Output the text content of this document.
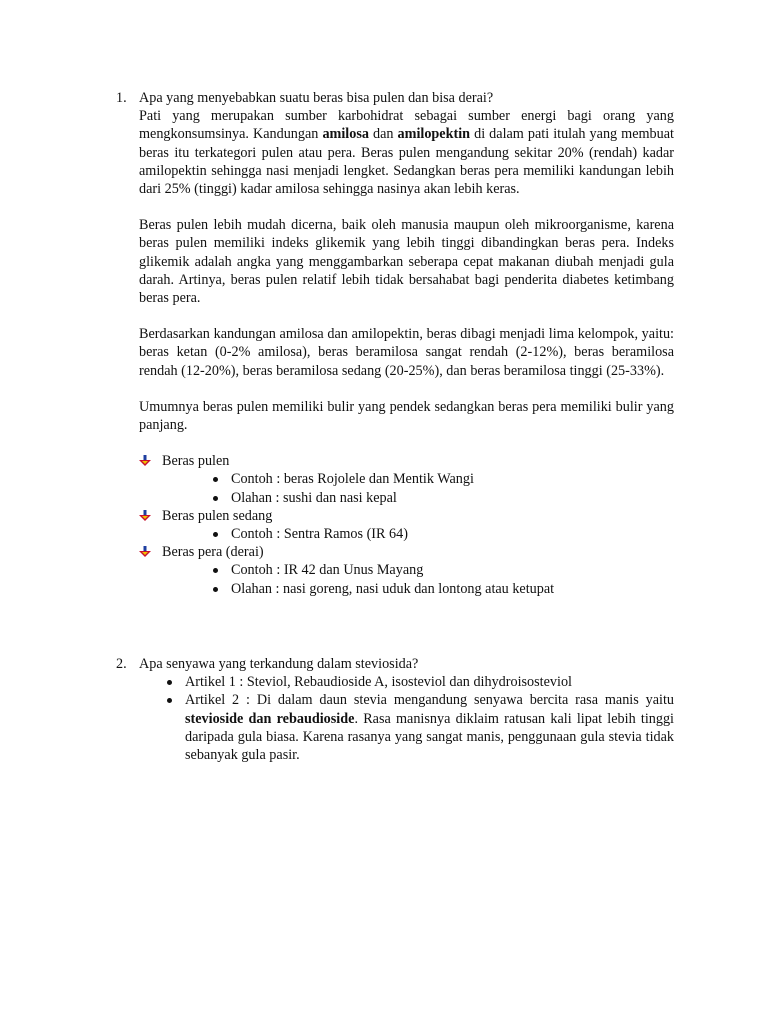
1. Apa yang menyebabkan suatu beras bisa pulen dan bisa derai?

Pati yang merupakan sumber karbohidrat sebagai sumber energi bagi orang yang mengkonsumsinya. Kandungan amilosa dan amilopektin di dalam pati itulah yang membuat beras itu terkategori pulen atau pera. Beras pulen mengandung sekitar 20% (rendah) kadar amilopektin sehingga nasi menjadi lengket. Sedangkan beras pera memiliki kandungan lebih dari 25% (tinggi) kadar amilosa sehingga nasinya akan lebih keras.

Beras pulen lebih mudah dicerna, baik oleh manusia maupun oleh mikroorganisme, karena beras pulen memiliki indeks glikemik yang lebih tinggi dibandingkan beras pera. Indeks glikemik adalah angka yang menggambarkan seberapa cepat makanan diubah menjadi gula darah. Artinya, beras pulen relatif lebih tidak bersahabat bagi penderita diabetes ketimbang beras pera.

Berdasarkan kandungan amilosa dan amilopektin, beras dibagi menjadi lima kelompok, yaitu: beras ketan (0-2% amilosa), beras beramilosa sangat rendah (2-12%), beras beramilosa rendah (12-20%), beras beramilosa sedang (20-25%), dan beras beramilosa tinggi (25-33%).

Umumnya beras pulen memiliki bulir yang pendek sedangkan beras pera memiliki bulir yang panjang.

Beras pulen
Contoh : beras Rojolele dan Mentik Wangi
Olahan : sushi dan nasi kepal
Beras pulen sedang
Contoh : Sentra Ramos (IR 64)
Beras pera (derai)
Contoh : IR 42 dan Unus Mayang
Olahan : nasi goreng, nasi uduk dan lontong atau ketupat
2. Apa senyawa yang terkandung dalam steviosida?
Artikel 1 : Steviol, Rebaudioside A, isosteviol dan dihydroisosteviol

Artikel 2 : Di dalam daun stevia mengandung senyawa bercita rasa manis yaitu stevioside dan rebaudioside. Rasa manisnya diklaim ratusan kali lipat lebih tinggi daripada gula biasa. Karena rasanya yang sangat manis, penggunaan gula stevia tidak sebanyak gula pasir.
